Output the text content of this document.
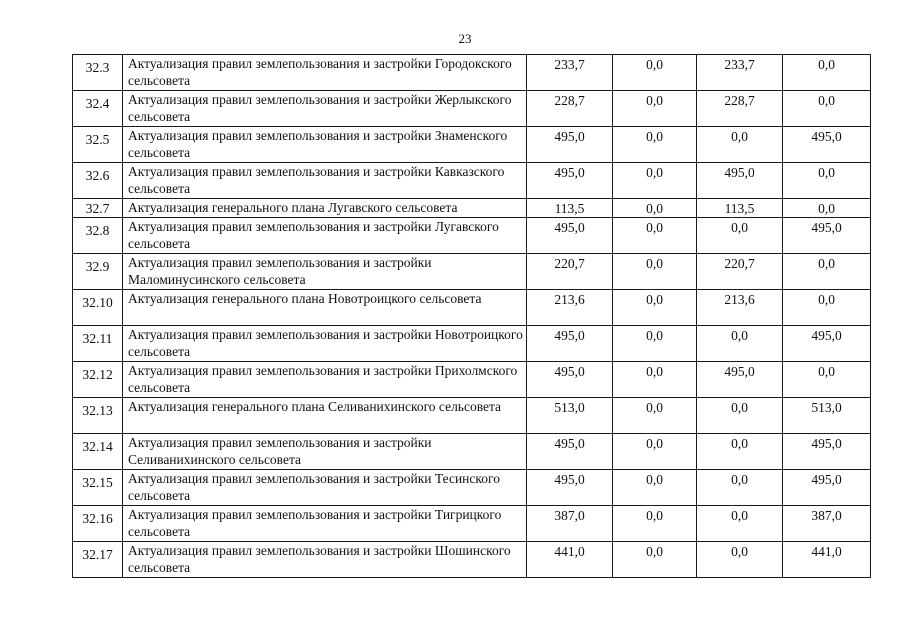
23
32.3	Актуализация правил землепользования и застройки Городокского сельсовета	233,7	0,0	233,7	0,0
32.4	Актуализация правил землепользования и застройки Жерлыкского сельсовета	228,7	0,0	228,7	0,0
32.5	Актуализация правил землепользования и застройки Знаменского сельсовета	495,0	0,0	0,0	495,0
32.6	Актуализация правил землепользования и застройки Кавказского сельсовета	495,0	0,0	495,0	0,0
32.7	Актуализация генерального плана Лугавского сельсовета	113,5	0,0	113,5	0,0
32.8	Актуализация правил землепользования и застройки Лугавского сельсовета	495,0	0,0	0,0	495,0
32.9	Актуализация правил землепользования и застройки Маломинусинского сельсовета	220,7	0,0	220,7	0,0
32.10	Актуализация генерального плана Новотроицкого сельсовета	213,6	0,0	213,6	0,0
32.11	Актуализация правил землепользования и застройки Новотроицкого сельсовета	495,0	0,0	0,0	495,0
32.12	Актуализация правил землепользования и застройки Прихолмского сельсовета	495,0	0,0	495,0	0,0
32.13	Актуализация генерального плана Селиванихинского сельсовета	513,0	0,0	0,0	513,0
32.14	Актуализация правил землепользования и застройки Селиванихинского сельсовета	495,0	0,0	0,0	495,0
32.15	Актуализация правил землепользования и застройки Тесинского сельсовета	495,0	0,0	0,0	495,0
32.16	Актуализация правил землепользования и застройки Тигрицкого сельсовета	387,0	0,0	0,0	387,0
32.17	Актуализация правил землепользования и застройки Шошинского сельсовета	441,0	0,0	0,0	441,0
